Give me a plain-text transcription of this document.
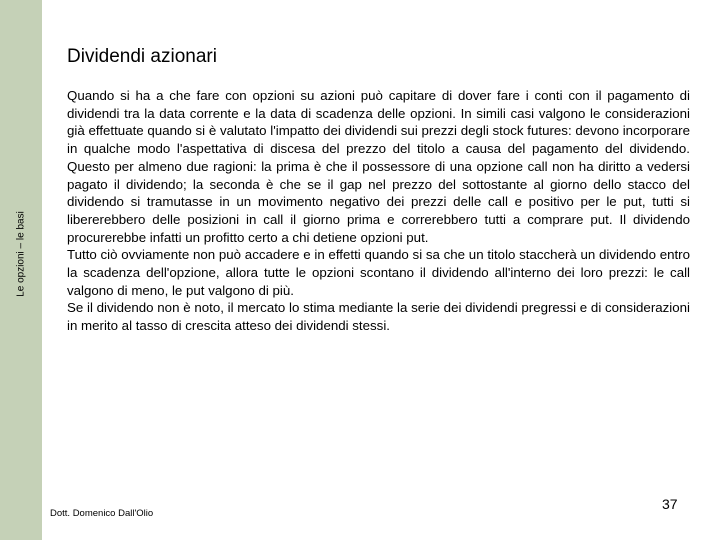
Le opzioni – le basi
Dividendi azionari

Quando si ha a che fare con opzioni su azioni può capitare di dover fare i conti con il pagamento di dividendi tra la data corrente e la data di scadenza delle opzioni. In simili casi valgono le considerazioni già effettuate quando si è valutato l'impatto dei dividendi sui prezzi degli stock futures: devono incorporare in qualche modo l'aspettativa di discesa del prezzo del titolo a causa del pagamento del dividendo. Questo per almeno due ragioni: la prima è che il possessore di una opzione call non ha diritto a vedersi pagato il dividendo; la seconda è che se il gap nel prezzo del sottostante al giorno dello stacco del dividendo si tramutasse in un movimento negativo dei prezzi delle call e positivo per le put, tutti si libererebbero delle posizioni in call il giorno prima e correrebbero tutti a comprare put. Il dividendo procurerebbe infatti un profitto certo a chi detiene opzioni put.

Tutto ciò ovviamente non può accadere e in effetti quando si sa che un titolo staccherà un dividendo entro la scadenza dell'opzione, allora tutte le opzioni scontano il dividendo all'interno dei loro prezzi: le call valgono di meno, le put valgono di più.

Se il dividendo non è noto, il mercato lo stima mediante la serie dei dividendi pregressi e di considerazioni in merito al tasso di crescita atteso dei dividendi stessi.

Dott. Domenico Dall'Olio
37
